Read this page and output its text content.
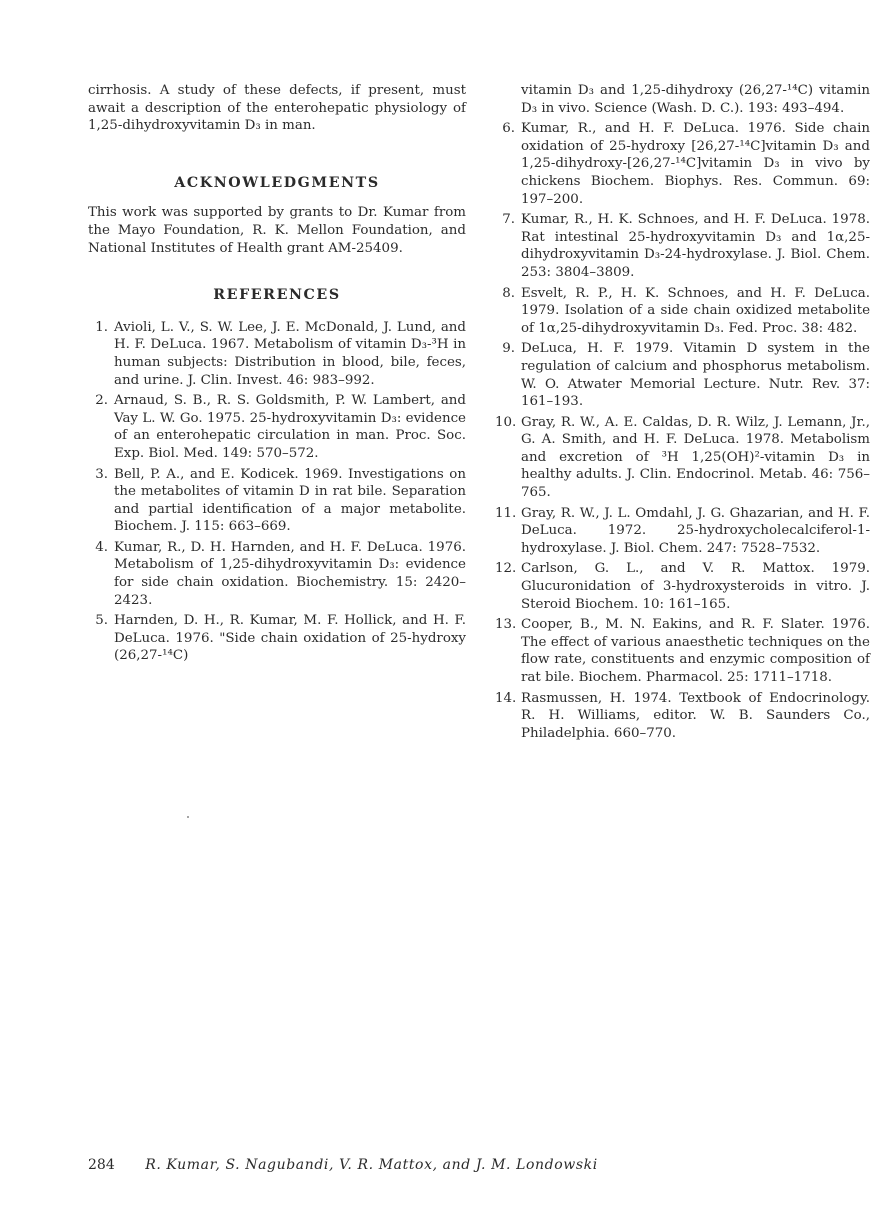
cirrhosis. A study of these defects, if present, must await a description of the enterohepatic physiology of 1,25-dihydroxyvitamin D₃ in man.

ACKNOWLEDGMENTS

This work was supported by grants to Dr. Kumar from the Mayo Foundation, R. K. Mellon Foundation, and National Institutes of Health grant AM-25409.

REFERENCES
1. Avioli, L. V., S. W. Lee, J. E. McDonald, J. Lund, and H. F. DeLuca. 1967. Metabolism of vitamin D₃-³H in human subjects: Distribution in blood, bile, feces, and urine. J. Clin. Invest. 46: 983–992.
2. Arnaud, S. B., R. S. Goldsmith, P. W. Lambert, and Vay L. W. Go. 1975. 25-hydroxyvitamin D₃: evidence of an enterohepatic circulation in man. Proc. Soc. Exp. Biol. Med. 149: 570–572.
3. Bell, P. A., and E. Kodicek. 1969. Investigations on the metabolites of vitamin D in rat bile. Separation and partial identification of a major metabolite. Biochem. J. 115: 663–669.
4. Kumar, R., D. H. Harnden, and H. F. DeLuca. 1976. Metabolism of 1,25-dihydroxyvitamin D₃: evidence for side chain oxidation. Biochemistry. 15: 2420–2423.
5. Harnden, D. H., R. Kumar, M. F. Hollick, and H. F. DeLuca. 1976. "Side chain oxidation of 25-hydroxy (26,27-¹⁴C)
vitamin D₃ and 1,25-dihydroxy (26,27-¹⁴C) vitamin D₃ in vivo. Science (Wash. D. C.). 193: 493–494.
6. Kumar, R., and H. F. DeLuca. 1976. Side chain oxidation of 25-hydroxy [26,27-¹⁴C]vitamin D₃ and 1,25-dihydroxy-[26,27-¹⁴C]vitamin D₃ in vivo by chickens Biochem. Biophys. Res. Commun. 69: 197–200.
7. Kumar, R., H. K. Schnoes, and H. F. DeLuca. 1978. Rat intestinal 25-hydroxyvitamin D₃ and 1α,25-dihydroxyvitamin D₃-24-hydroxylase. J. Biol. Chem. 253: 3804–3809.
8. Esvelt, R. P., H. K. Schnoes, and H. F. DeLuca. 1979. Isolation of a side chain oxidized metabolite of 1α,25-dihydroxyvitamin D₃. Fed. Proc. 38: 482.
9. DeLuca, H. F. 1979. Vitamin D system in the regulation of calcium and phosphorus metabolism. W. O. Atwater Memorial Lecture. Nutr. Rev. 37: 161–193.
10. Gray, R. W., A. E. Caldas, D. R. Wilz, J. Lemann, Jr., G. A. Smith, and H. F. DeLuca. 1978. Metabolism and excretion of ³H 1,25(OH)²-vitamin D₃ in healthy adults. J. Clin. Endocrinol. Metab. 46: 756–765.
11. Gray, R. W., J. L. Omdahl, J. G. Ghazarian, and H. F. DeLuca. 1972. 25-hydroxycholecalciferol-1-hydroxylase. J. Biol. Chem. 247: 7528–7532.
12. Carlson, G. L., and V. R. Mattox. 1979. Glucuronidation of 3-hydroxysteroids in vitro. J. Steroid Biochem. 10: 161–165.
13. Cooper, B., M. N. Eakins, and R. F. Slater. 1976. The effect of various anaesthetic techniques on the flow rate, constituents and enzymic composition of rat bile. Biochem. Pharmacol. 25: 1711–1718.
14. Rasmussen, H. 1974. Textbook of Endocrinology. R. H. Williams, editor. W. B. Saunders Co., Philadelphia. 660–770.
284 R. Kumar, S. Nagubandi, V. R. Mattox, and J. M. Londowski
